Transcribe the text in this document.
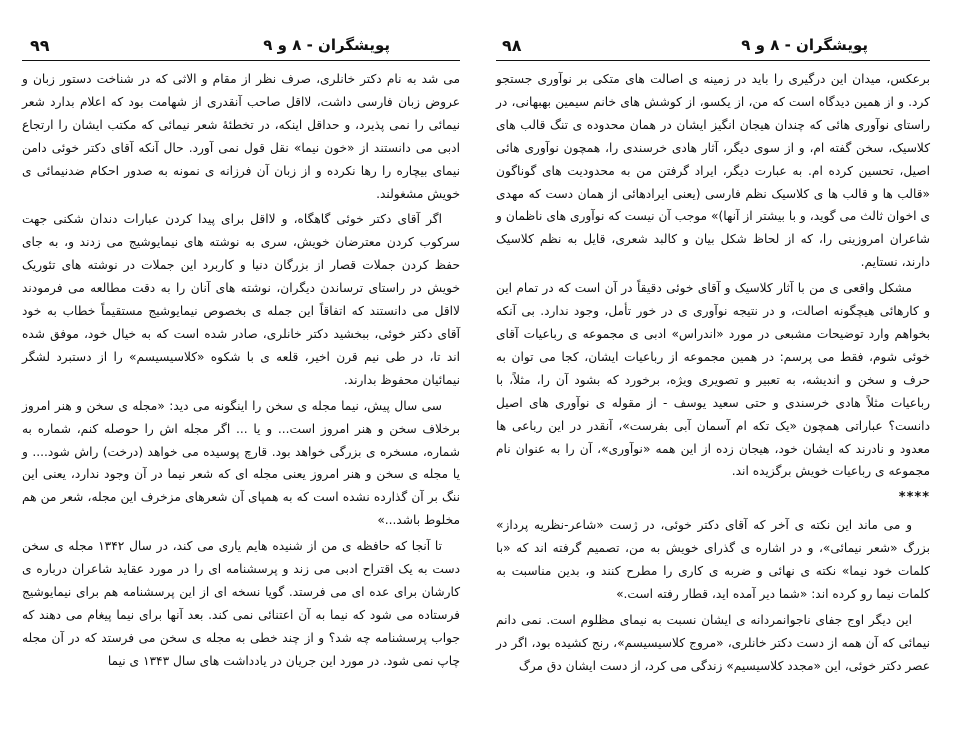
۹۹	پویشگران - ۸ و ۹

می شد به نام دکتر خانلری، صرف نظر از مقام و الاثی که در شناخت دستور زبان و عروض زبان فارسی داشت، لااقل صاحب آنقدری از شهامت بود که اعلام بدارد شعر نیمائی را نمی پذیرد، و حداقل اینکه، در تخطئهٔ شعر نیمائی که مکتب ایشان را ارتجاع ادبی می دانستند از «خون نیما» نقل قول نمی آورد. حال آنکه آقای دکتر خوئی دامن نیمای بیچاره را رها نکرده و از زبان آن فرزانه ی نمونه به صدور احکام ضدنیمائی ی خویش مشغولند.

اگر آقای دکتر خوئی گاهگاه، و لااقل برای پیدا کردن عبارات دندان شکنی جهت سرکوب کردن معترضان خویش، سری به نوشته های نیمایوشیج می زدند و، به جای حفظ کردن جملات قصار از بزرگان دنیا و کاربرد این جملات در نوشته های تئوریک خویش در راستای ترساندن دیگران، نوشته های آنان را به دقت مطالعه می فرمودند لااقل می دانستند که اتفاقاً این جمله ی بخصوص نیمایوشیج مستقیماً خطاب به خود آقای دکتر خوئی، ببخشید دکتر خانلری، صادر شده است که به خیال خود، موفق شده اند تا، در طی نیم قرن اخیر، قلعه ی با شکوه «کلاسیسیسم» را از دستبرد لشگر نیمائیان محفوظ بدارند.

سی سال پیش، نیما مجله ی سخن را اینگونه می دید: «مجله ی سخن و هنر امروز برخلاف سخن و هنر امروز است... و یا ... اگر مجله اش را حوصله کنم، شماره به شماره، مسخره ی بزرگی خواهد بود. قارچ پوسیده می خواهد (درخت) راش شود.... و یا مجله ی سخن و هنر امروز یعنی مجله ای که شعر نیما در آن وجود ندارد، یعنی این ننگ بر آن گذارده نشده است که به همپای آن شعرهای مزخرف این مجله، شعر من هم مخلوط باشد...»

تا آنجا که حافظه ی من از شنیده هایم یاری می کند، در سال ۱۳۴۲ مجله ی سخن دست به یک اقتراح ادبی می زند و پرسشنامه ای را در مورد عقاید شاعران درباره ی کارشان برای عده ای می فرستد. گویا نسخه ای از این پرسشنامه هم برای نیمایوشیج فرستاده می شود که نیما به آن اعتنائی نمی کند. بعد آنها برای نیما پیغام می دهند که جواب پرسشنامه چه شد؟ و از چند خطی به مجله ی سخن می فرستد که در آن مجله چاپ نمی شود. در مورد این جریان در یادداشت های سال ۱۳۴۳ ی نیما

۹۸	پویشگران - ۸ و ۹

برعکس، میدان این درگیری را باید در زمینه ی اصالت های متکی بر نوآوری جستجو کرد. و از همین دیدگاه است که من، از یکسو، از کوشش های خانم سیمین بهبهانی، در راستای نوآوری هائی که چندان هیجان انگیز ایشان در همان محدوده ی تنگ قالب های کلاسیک، سخن گفته ام، و از سوی دیگر، آثار هادی خرسندی را، همچون نوآوری هائی اصیل، تحسین کرده ام. به عبارت دیگر، ایراد گرفتن من به محدودیت های گوناگون «قالب ها و قالب ها ی کلاسیک نظم فارسی (یعنی ایرادهائی از همان دست که مهدی ی اخوان ثالث می گوید، و با بیشتر از آنها)» موجب آن نیست که نوآوری های ناظمان و شاعران امروزینی را، که از لحاظ شکل بیان و کالبد شعری، قایل به نظم کلاسیک دارند، نستایم.

مشکل واقعی ی من با آثار کلاسیک و آقای خوئی دقیقاً در آن است که در تمام این و کارهائی هیچگونه اصالت، و در نتیجه نوآوری ی در خور تأمل، وجود ندارد. بی آنکه بخواهم وارد توضیحات مشبعی در مورد «اندراس» ادبی ی مجموعه ی رباعیات آقای خوئی شوم، فقط می پرسم: در همین مجموعه از رباعیات ایشان، کجا می توان به حرف و سخن و اندیشه، به تعبیر و تصویری ویژه، برخورد که بشود آن را، مثلاً، با رباعیات مثلاً هادی خرسندی و حتی سعید یوسف - از مقوله ی نوآوری های اصیل دانست؟ عباراتی همچون «یک تکه ام آسمان آبی بفرست»، آنقدر در این رباعی ها معدود و نادرند که ایشان خود، هیجان زده از این همه «نوآوری»، آن را به عنوان نام مجموعه ی رباعیات خویش برگزیده اند.

****

و می ماند این نکته ی آخر که آقای دکتر خوئی، در ژست «شاعر-نظریه پرداز» بزرگ «شعر نیمائی»، و در اشاره ی گذرای خویش به من، تصمیم گرفته اند که «با کلمات خود نیما» نکته ی نهائی و ضربه ی کاری را مطرح کنند و، بدین مناسبت به کلمات نیما رو کرده اند: «شما دیر آمده اید، قطار رفته است.»

این دیگر اوج جفای ناجوانمردانه ی ایشان نسبت به نیمای مظلوم است. نمی دانم نیمائی که آن همه از دست دکتر خانلری، «مروج کلاسیسیسم»، رنج کشیده بود، اگر در عصر دکتر خوئی، این «مجدد کلاسیسیم» زندگی می کرد، از دست ایشان دق مرگ
